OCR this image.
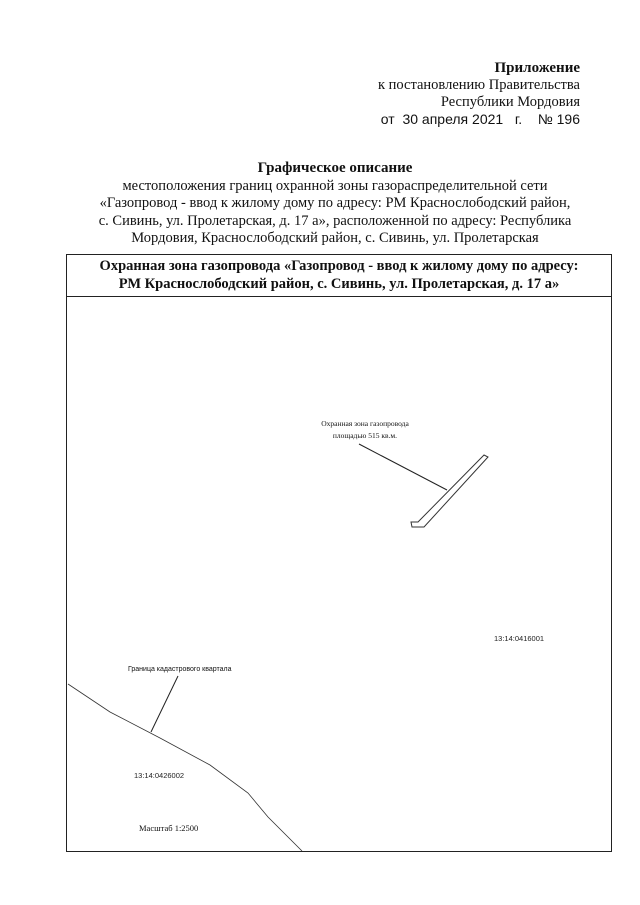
Приложение
к постановлению Правительства
Республики Мордовия
от 30 апреля 2021 г. № 196
Графическое описание
местоположения границ охранной зоны газораспределительной сети
«Газопровод - ввод к жилому дому по адресу: РМ Краснослободский район,
с. Сивинь, ул. Пролетарская, д. 17 а», расположенной по адресу: Республика
Мордовия, Краснослободский район, с. Сивинь, ул. Пролетарская
Охранная зона газопровода «Газопровод - ввод к жилому дому по адресу:
РМ Краснослободский район, с. Сивинь, ул. Пролетарская, д. 17 а»
Охранная зона газопровода
площадью 515 кв.м.
Граница кадастрового квартала
13:14:0416001
13:14:0426002
Масштаб 1:2500
